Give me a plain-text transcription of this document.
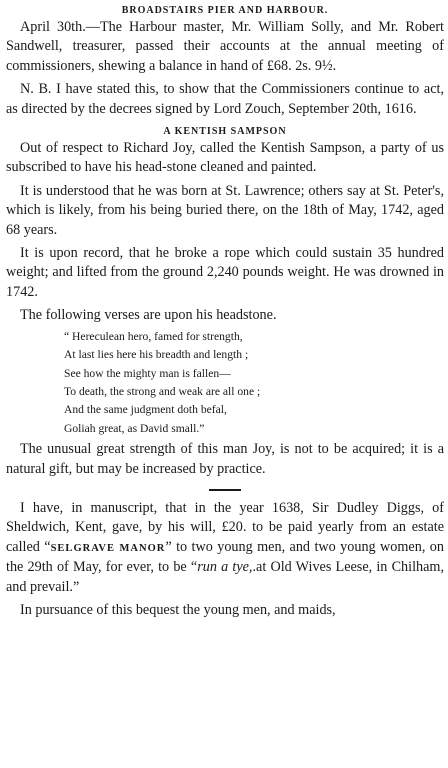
BROADSTAIRS PIER AND HARBOUR.

April 30th.—The Harbour master, Mr. William Solly, and Mr. Robert Sandwell, treasurer, passed their accounts at the annual meeting of commissioners, shewing a balance in hand of £68. 2s. 9½.

N. B. I have stated this, to show that the Commissioners continue to act, as directed by the decrees signed by Lord Zouch, September 20th, 1616.

A KENTISH SAMPSON

Out of respect to Richard Joy, called the Kentish Sampson, a party of us subscribed to have his head-stone cleaned and painted.

It is understood that he was born at St. Lawrence; others say at St. Peter's, which is likely, from his being buried there, on the 18th of May, 1742, aged 68 years.

It is upon record, that he broke a rope which could sustain 35 hundred weight; and lifted from the ground 2,240 pounds weight. He was drowned in 1742.

The following verses are upon his headstone.

“ Hereculean hero, famed for strength,
At last lies here his breadth and length ;
See how the mighty man is fallen—
To death, the strong and weak are all one ;
And the same judgment doth befal,
Goliah great, as David small.”

The unusual great strength of this man Joy, is not to be acquired; it is a natural gift, but may be increased by practice.

I have, in manuscript, that in the year 1638, Sir Dudley Diggs, of Sheldwich, Kent, gave, by his will, £20. to be paid yearly from an estate called “SELGRAVE MANOR” to two young men, and two young women, on the 29th of May, for ever, to be “run a tye,.at Old Wives Leese, in Chilham, and prevail.”

In pursuance of this bequest the young men, and maids,
